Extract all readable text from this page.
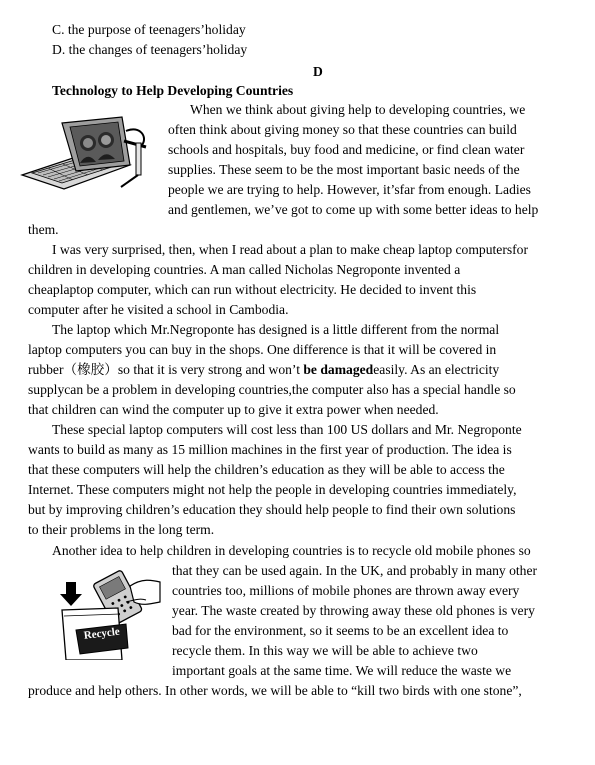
C. the purpose of teenagers’holiday
D. the changes of teenagers’holiday
D
Technology to Help Developing Countries
When we think about giving help to developing countries, we
often think about giving money so that these countries can build
schools and hospitals, buy food and medicine, or find clean water
supplies. These seem to be the most important basic needs of the
people we are trying to help. However, it’sfar from enough. Ladies
and gentlemen, we’ve got to come up with some better ideas to help
them.
I was very surprised, then, when I read about a plan to make cheap laptop computersfor
children in developing countries. A man called Nicholas Negroponte invented a
cheaplaptop computer, which can run without electricity. He decided to invent this
computer after he visited a school in Cambodia.
The laptop which Mr.Negroponte has designed is a little different from the normal
laptop computers you can buy in the shops. One difference is that it will be covered in
rubber（橡胶）so that it is very strong and won’t be damagedeasily. As an electricity
supplycan be a problem in developing countries,the computer also has a special handle so
that children can wind the computer up to give it extra power when needed.
These special laptop computers will cost less than 100 US dollars and Mr. Negroponte
wants to build as many as 15 million machines in the first year of production. The idea is
that these computers will help the children’s education as they will be able to access the
Internet. These computers might not help the people in developing countries immediately,
but by improving children’s education they should help people to find their own solutions
to their problems in the long term.
Recycle
Another idea to help children in developing countries is to recycle old mobile phones so
that they can be used again. In the UK, and probably in many other
countries too, millions of mobile phones are thrown away every
year. The waste created by throwing away these old phones is very
bad for the environment, so it seems to be an excellent idea to
recycle them. In this way we will be able to achieve two
important goals at the same time. We will reduce the waste we
produce and help others. In other words, we will be able to “kill two birds with one stone”,
